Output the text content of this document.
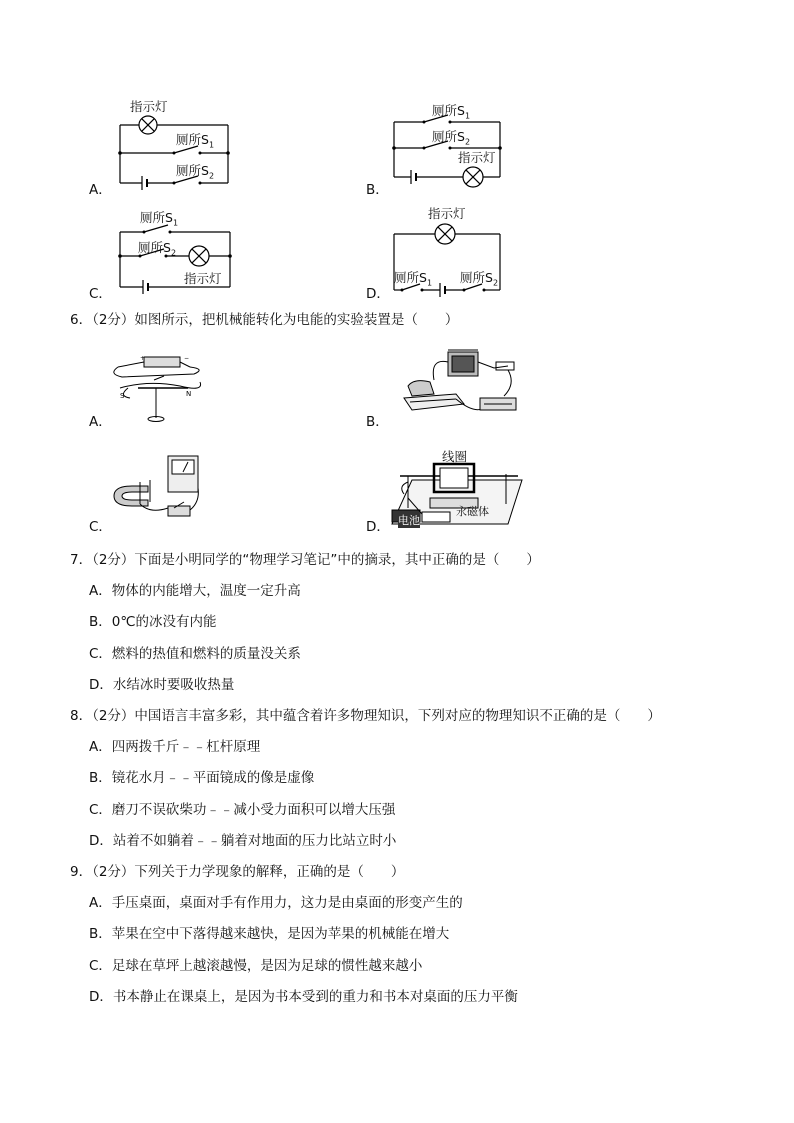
指示灯
厕所$S_1$
厕所$S_2$
A．
厕所$S_1$
厕所$S_2$
指示灯
B．
厕所$S_1$
厕所$S_2$
指示灯
C．
指示灯
厕所$S_1$ 厕所$S_2$
D．
6．（2分）如图所示，把机械能转化为电能的实验装置是（　　）
S	N
+	−
A．	B．
C．
线圈
电池
永磁体
D．
7．（2分）下面是小明同学的“物理学习笔记”中的摘录，其中正确的是（　　）
A．物体的内能增大，温度一定升高
B．0℃的冰没有内能
C．燃料的热值和燃料的质量没关系
D．水结冰时要吸收热量
8．（2分）中国语言丰富多彩，其中蕴含着许多物理知识，下列对应的物理知识不正确的是（　　）
A．四两拨千斤﹣﹣杠杆原理
B．镜花水月﹣﹣平面镜成的像是虚像
C．磨刀不误砍柴功﹣﹣减小受力面积可以增大压强
D．站着不如躺着﹣﹣躺着对地面的压力比站立时小
9．（2分）下列关于力学现象的解释，正确的是（　　）
A．手压桌面，桌面对手有作用力，这力是由桌面的形变产生的
B．苹果在空中下落得越来越快，是因为苹果的机械能在增大
C．足球在草坪上越滚越慢，是因为足球的惯性越来越小
D．书本静止在课桌上，是因为书本受到的重力和书本对桌面的压力平衡
